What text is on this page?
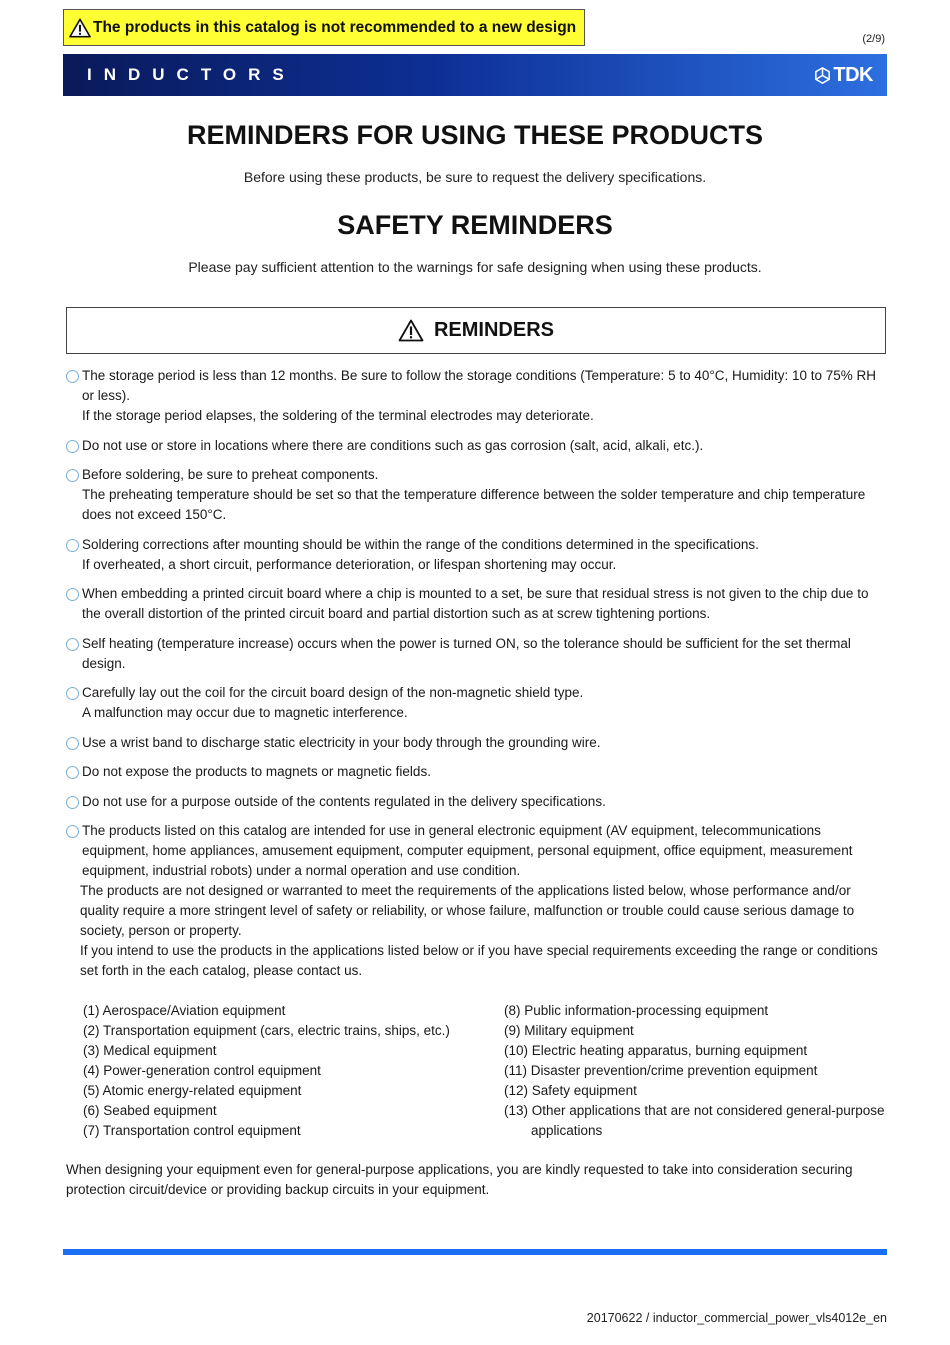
The products in this catalog is not recommended to a new design
(2/9)
INDUCTORS	TDK
REMINDERS FOR USING THESE PRODUCTS
Before using these products, be sure to request the delivery specifications.
SAFETY REMINDERS
Please pay sufficient attention to the warnings for safe designing when using these products.
REMINDERS
The storage period is less than 12 months. Be sure to follow the storage conditions (Temperature: 5 to 40°C, Humidity: 10 to 75% RH or less).
If the storage period elapses, the soldering of the terminal electrodes may deteriorate.
Do not use or store in locations where there are conditions such as gas corrosion (salt, acid, alkali, etc.).
Before soldering, be sure to preheat components.
The preheating temperature should be set so that the temperature difference between the solder temperature and chip temperature does not exceed 150°C.
Soldering corrections after mounting should be within the range of the conditions determined in the specifications.
If overheated, a short circuit, performance deterioration, or lifespan shortening may occur.
When embedding a printed circuit board where a chip is mounted to a set, be sure that residual stress is not given to the chip due to the overall distortion of the printed circuit board and partial distortion such as at screw tightening portions.
Self heating (temperature increase) occurs when the power is turned ON, so the tolerance should be sufficient for the set thermal design.
Carefully lay out the coil for the circuit board design of the non-magnetic shield type.
A malfunction may occur due to magnetic interference.
Use a wrist band to discharge static electricity in your body through the grounding wire.
Do not expose the products to magnets or magnetic fields.
Do not use for a purpose outside of the contents regulated in the delivery specifications.
The products listed on this catalog are intended for use in general electronic equipment (AV equipment, telecommunications equipment, home appliances, amusement equipment, computer equipment, personal equipment, office equipment, measurement equipment, industrial robots) under a normal operation and use condition.
The products are not designed or warranted to meet the requirements of the applications listed below, whose performance and/or quality require a more stringent level of safety or reliability, or whose failure, malfunction or trouble could cause serious damage to society, person or property.
If you intend to use the products in the applications listed below or if you have special requirements exceeding the range or conditions set forth in the each catalog, please contact us.
(1) Aerospace/Aviation equipment
(2) Transportation equipment (cars, electric trains, ships, etc.)
(3) Medical equipment
(4) Power-generation control equipment
(5) Atomic energy-related equipment
(6) Seabed equipment
(7) Transportation control equipment
(8) Public information-processing equipment
(9) Military equipment
(10) Electric heating apparatus, burning equipment
(11) Disaster prevention/crime prevention equipment
(12) Safety equipment
(13) Other applications that are not considered general-purpose applications
When designing your equipment even for general-purpose applications, you are kindly requested to take into consideration securing protection circuit/device or providing backup circuits in your equipment.
20170622 / inductor_commercial_power_vls4012e_en
